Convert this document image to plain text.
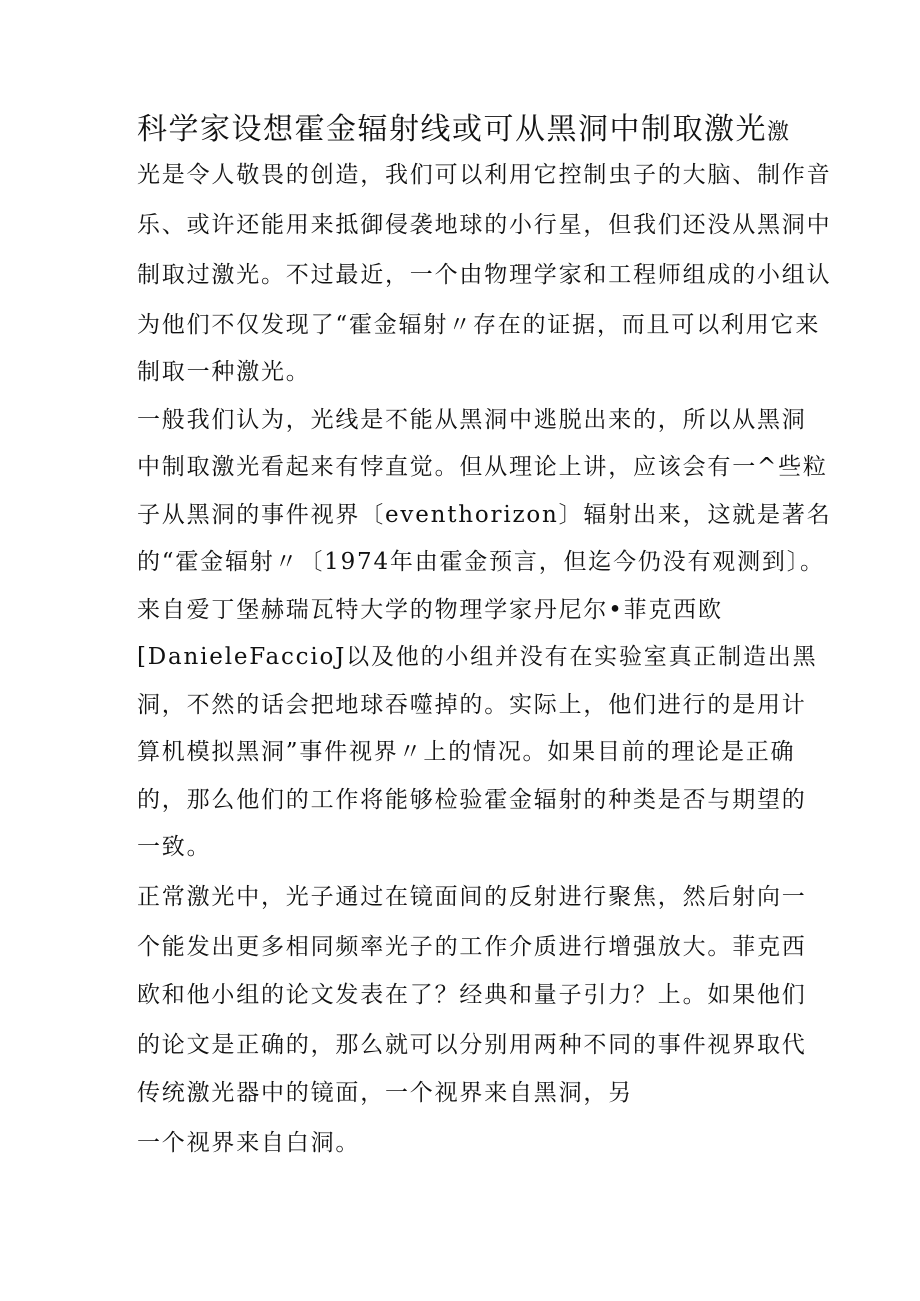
科学家设想霍金辐射线或可从黑洞中制取激光激
光是令人敬畏的创造，我们可以利用它控制虫子的大脑、制作音
乐、或许还能用来抵御侵袭地球的小行星，但我们还没从黑洞中
制取过激光。不过最近，一个由物理学家和工程师组成的小组认
为他们不仅发现了“霍金辐射〃存在的证据，而且可以利用它来
制取一种激光。
一般我们认为，光线是不能从黑洞中逃脱出来的，所以从黑洞
中制取激光看起来有悖直觉。但从理论上讲，应该会有一^些粒
子从黑洞的事件视界〔eventhorizon〕辐射出来，这就是著名
的“霍金辐射〃〔1974年由霍金预言，但迄今仍没有观测到〕。
来自爱丁堡赫瑞瓦特大学的物理学家丹尼尔•菲克西欧
[DanieleFaccioJ以及他的小组并没有在实验室真正制造出黑
洞，不然的话会把地球吞噬掉的。实际上，他们进行的是用计
算机模拟黑洞”事件视界〃上的情况。如果目前的理论是正确
的，那么他们的工作将能够检验霍金辐射的种类是否与期望的
一致。
正常激光中，光子通过在镜面间的反射进行聚焦，然后射向一
个能发出更多相同频率光子的工作介质进行增强放大。菲克西
欧和他小组的论文发表在了？经典和量子引力？上。如果他们
的论文是正确的，那么就可以分别用两种不同的事件视界取代
传统激光器中的镜面，一个视界来自黑洞，另
一个视界来自白洞。
